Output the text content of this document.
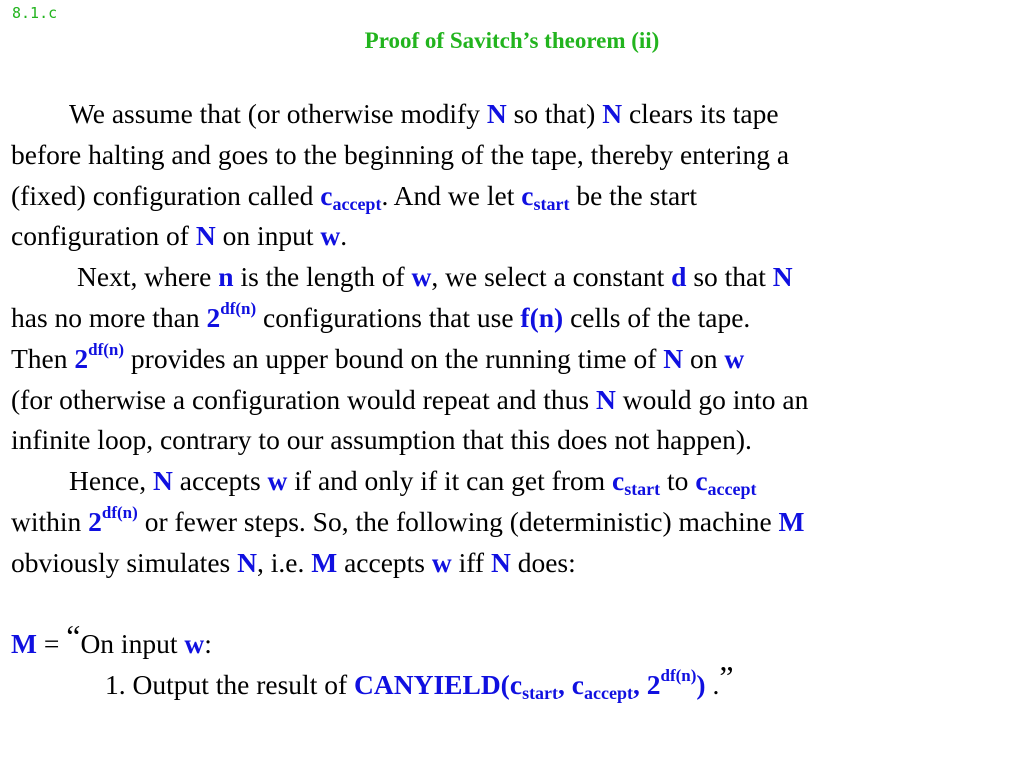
8.1.c
Proof of Savitch’s theorem (ii)
We assume that (or otherwise modify N so that) N clears its tape
before halting and goes to the beginning of the tape, thereby entering a
(fixed) configuration called $c_{accept}$. And we let $c_{start}$ be the start
configuration of N on input w.
Next, where n is the length of w, we select a constant d so that N
has no more than $2^{df(n)}$ configurations that use f(n) cells of the tape.
Then $2^{df(n)}$ provides an upper bound on the running time of N on w
(for otherwise a configuration would repeat and thus N would go into an
infinite loop, contrary to our assumption that this does not happen).
Hence, N accepts w if and only if it can get from $c_{start}$ to $c_{accept}$
within $2^{df(n)}$ or fewer steps. So, the following (deterministic) machine M
obviously simulates N, i.e. M accepts w iff N does:
M = “On input w:
1. Output the result of $CANYIELD(c_{start}$, $c_{accept}$, $2^{df(n)}$) .”
